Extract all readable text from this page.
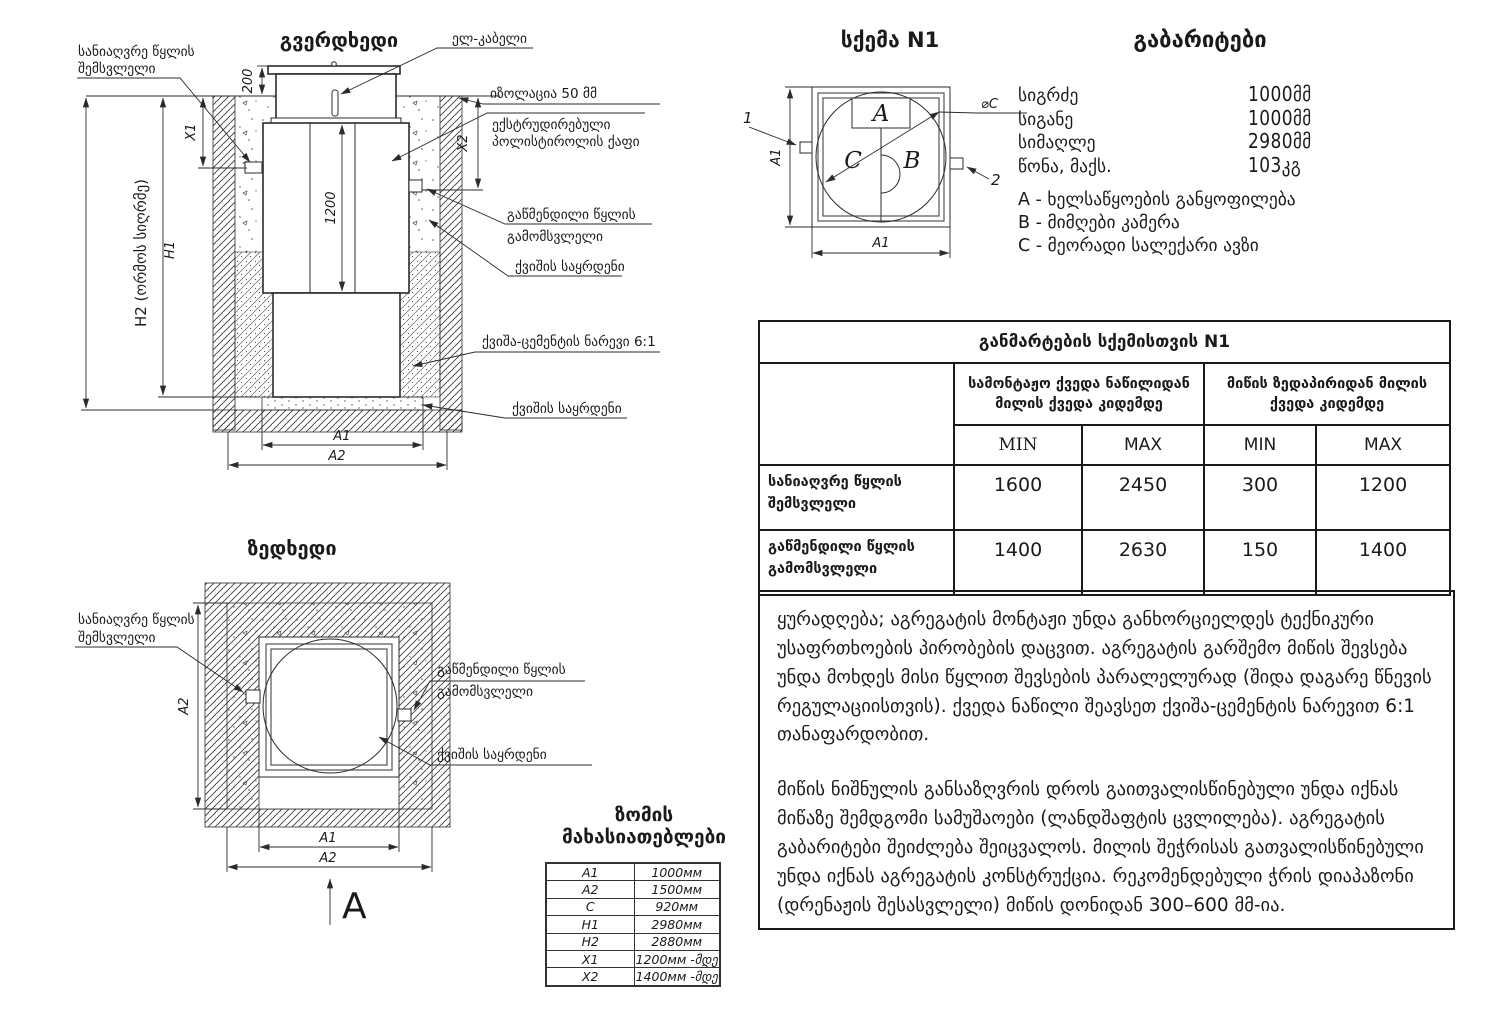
გვერდხედი
200
X1
H1
H2 (ორმოს სიღრმე)
X2
1200
A1
A2
სანიაღვრე წყლის
შემსვლელი
ელ-კაბელი
იზოლაცია 50 მმ
ექსტრუდირებული
პოლისტიროლის ქაფი
გაწმენდილი წყლის
გამომსვლელი
ქვიშის საყრდენი
ქვიშა-ცემენტის ნარევი 6:1
ქვიშის საყრდენი
ზედხედი
A2
A1
A2
A
სანიაღვრე წყლის
შემსვლელი
გაწმენდილი წყლის
გამომსვლელი
ქვიშის საყრდენი
სქემა N1
A
C B
⌀C
1
2
A1
A1
გაბარიტები
სიგრძე	1000მმ
სიგანე	1000მმ
სიმაღლე	2980მმ
წონა, მაქს.	103კგ
A - ხელსაწყოების განყოფილება
B - მიმღები კამერა
C - მეორადი სალექარი ავზი
განმარტების სქემისთვის N1				
	სამონტაჟო ქვედა ნაწილიდან მილის ქვედა კიდემდე		მიწის ზედაპირიდან მილის ქვედა კიდემდე	
	MIN	MAX	MIN	MAX
სანიაღვრე წყლის შემსვლელი	1600	2450	300	1200
გაწმენდილი წყლის გამომსვლელი	1400	2630	150	1400
ზომის მახასიათებლები
A1	1000мм
A2	1500мм
C	920мм
H1	2980мм
H2	2880мм
X1	1200мм -მდე
X2	1400мм -მდე

ყურადღება; აგრეგატის მონტაჟი უნდა განხორციელდეს ტექნიკური უსაფრთხოების პირობების დაცვით. აგრეგატის გარშემო მიწის შევსება უნდა მოხდეს მისი წყლით შევსების პარალელურად (შიდა დაგარე წნევის რეგულაციისთვის). ქვედა ნაწილი შეავსეთ ქვიშა-ცემენტის ნარევით 6:1 თანაფარდობით.

მიწის ნიშნულის განსაზღვრის დროს გაითვალისწინებული უნდა იქნას მიწაზე შემდგომი სამუშაოები (ლანდშაფტის ცვლილება). აგრეგატის გაბარიტები შეიძლება შეიცვალოს. მილის შეჭრისას გათვალისწინებული უნდა იქნას აგრეგატის კონსტრუქცია. რეკომენდებული ჭრის დიაპაზონი (დრენაჟის შესასვლელი) მიწის დონიდან 300–600 მმ-ია.
